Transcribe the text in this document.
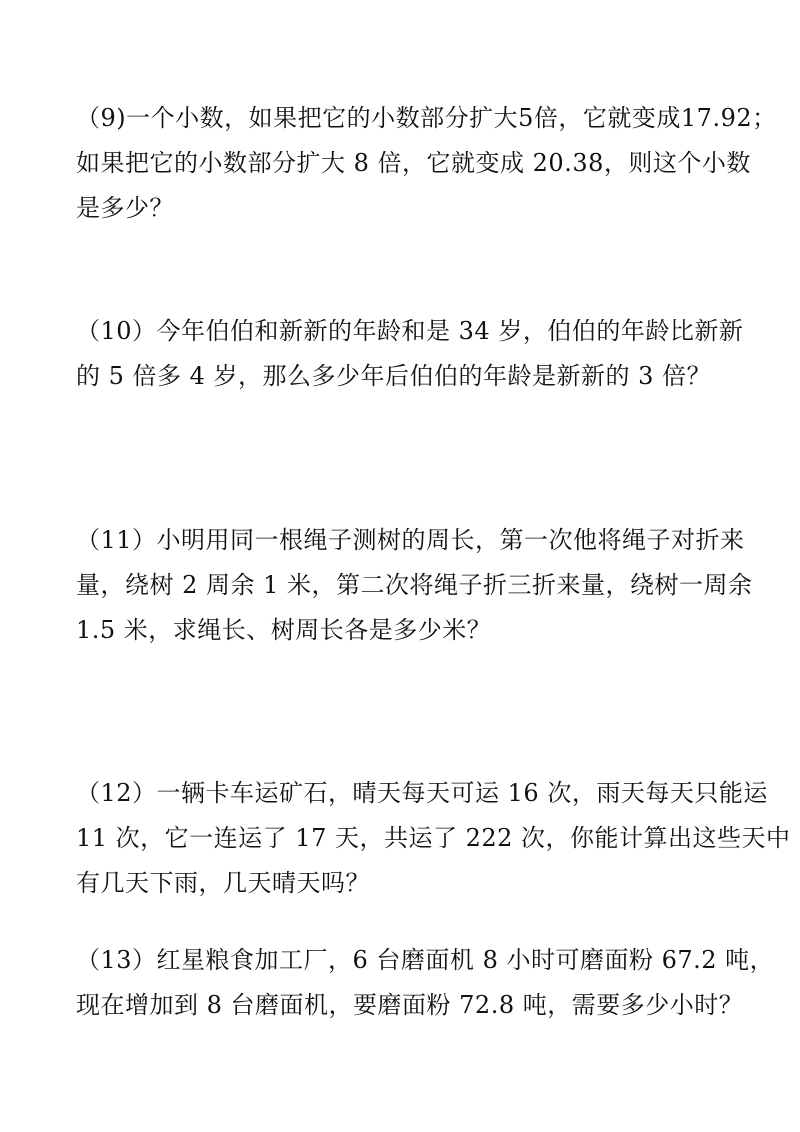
（9)一个小数，如果把它的小数部分扩大5倍，它就变成17.92；
如果把它的小数部分扩大 8 倍，它就变成 20.38，则这个小数
是多少？
（10）今年伯伯和新新的年龄和是 34 岁，伯伯的年龄比新新
的 5 倍多 4 岁，那么多少年后伯伯的年龄是新新的 3 倍？
（11）小明用同一根绳子测树的周长，第一次他将绳子对折来
量，绕树 2 周余 1 米，第二次将绳子折三折来量，绕树一周余
1.5 米，求绳长、树周长各是多少米？
（12）一辆卡车运矿石，晴天每天可运 16 次，雨天每天只能运
11 次，它一连运了 17 天，共运了 222 次，你能计算出这些天中
有几天下雨，几天晴天吗？
（13）红星粮食加工厂，6 台磨面机 8 小时可磨面粉 67.2 吨，
现在增加到 8 台磨面机，要磨面粉 72.8 吨，需要多少小时？
